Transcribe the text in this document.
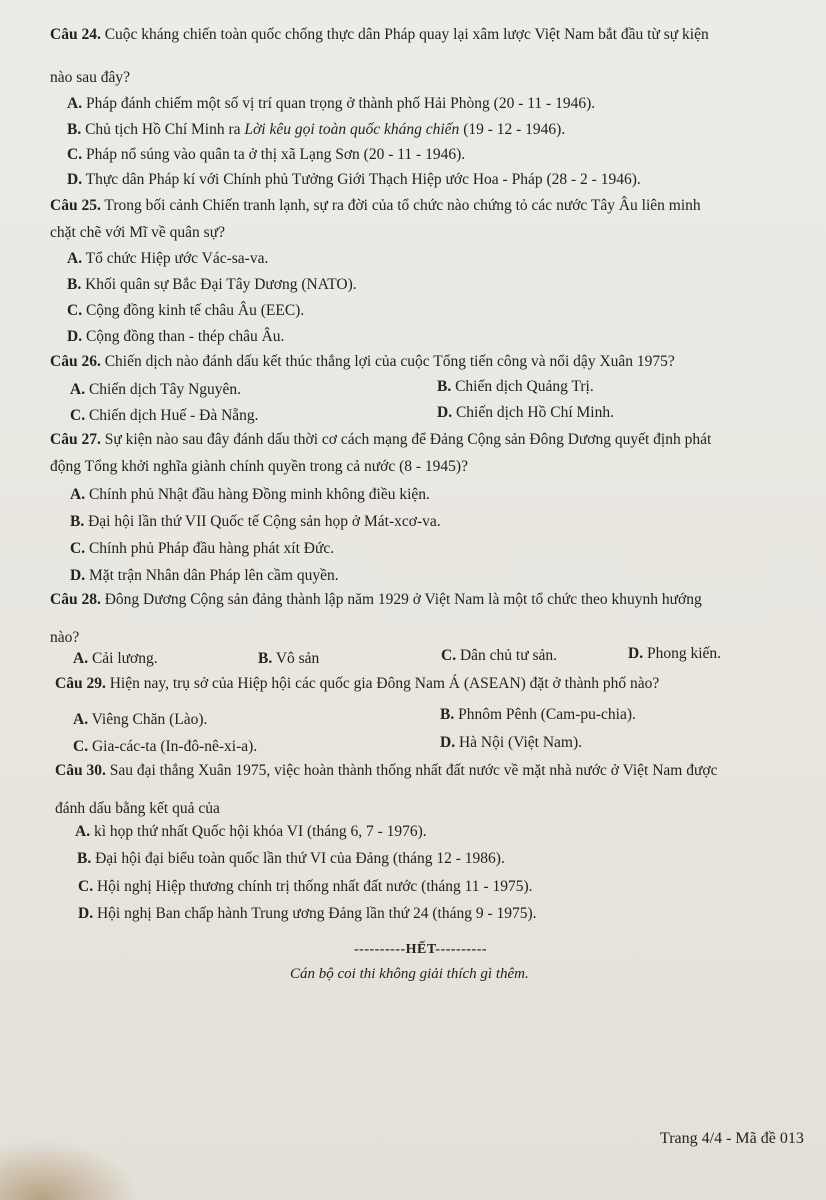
Câu 24. Cuộc kháng chiến toàn quốc chống thực dân Pháp quay lại xâm lược Việt Nam bắt đầu từ sự kiện
nào sau đây?
A. Pháp đánh chiếm một số vị trí quan trọng ở thành phố Hải Phòng (20 - 11 - 1946).
B. Chủ tịch Hồ Chí Minh ra Lời kêu gọi toàn quốc kháng chiến (19 - 12 - 1946).
C. Pháp nổ súng vào quân ta ở thị xã Lạng Sơn (20 - 11 - 1946).
D. Thực dân Pháp kí với Chính phủ Tưởng Giới Thạch Hiệp ước Hoa - Pháp (28 - 2 - 1946).
Câu 25. Trong bối cảnh Chiến tranh lạnh, sự ra đời của tổ chức nào chứng tỏ các nước Tây Âu liên minh
chặt chẽ với Mĩ về quân sự?
A. Tổ chức Hiệp ước Vác-sa-va.
B. Khối quân sự Bắc Đại Tây Dương (NATO).
C. Cộng đồng kinh tế châu Âu (EEC).
D. Cộng đồng than - thép châu Âu.
Câu 26. Chiến dịch nào đánh dấu kết thúc thắng lợi của cuộc Tổng tiến công và nổi dậy Xuân 1975?
A. Chiến dịch Tây Nguyên.	B. Chiến dịch Quảng Trị.
C. Chiến dịch Huế - Đà Nẵng.	D. Chiến dịch Hồ Chí Minh.
Câu 27. Sự kiện nào sau đây đánh dấu thời cơ cách mạng để Đảng Cộng sản Đông Dương quyết định phát
động Tổng khởi nghĩa giành chính quyền trong cả nước (8 - 1945)?
A. Chính phủ Nhật đầu hàng Đồng minh không điều kiện.
B. Đại hội lần thứ VII Quốc tế Cộng sản họp ở Mát-xcơ-va.
C. Chính phủ Pháp đầu hàng phát xít Đức.
D. Mặt trận Nhân dân Pháp lên cầm quyền.
Câu 28. Đông Dương Cộng sản đảng thành lập năm 1929 ở Việt Nam là một tổ chức theo khuynh hướng
nào?
A. Cải lương.	B. Vô sản	C. Dân chủ tư sản.	D. Phong kiến.
Câu 29. Hiện nay, trụ sở của Hiệp hội các quốc gia Đông Nam Á (ASEAN) đặt ở thành phố nào?
A. Viêng Chăn (Lào).	B. Phnôm Pênh (Cam-pu-chia).
C. Gia-các-ta (In-đô-nê-xi-a).	D. Hà Nội (Việt Nam).
Câu 30. Sau đại thắng Xuân 1975, việc hoàn thành thống nhất đất nước về mặt nhà nước ở Việt Nam được
đánh dấu bằng kết quả của
A. kì họp thứ nhất Quốc hội khóa VI (tháng 6, 7 - 1976).
B. Đại hội đại biểu toàn quốc lần thứ VI của Đảng (tháng 12 - 1986).
C. Hội nghị Hiệp thương chính trị thống nhất đất nước (tháng 11 - 1975).
D. Hội nghị Ban chấp hành Trung ương Đảng lần thứ 24 (tháng 9 - 1975).
----------HẾT----------
Cán bộ coi thi không giải thích gì thêm.
Trang 4/4 - Mã đề 013
